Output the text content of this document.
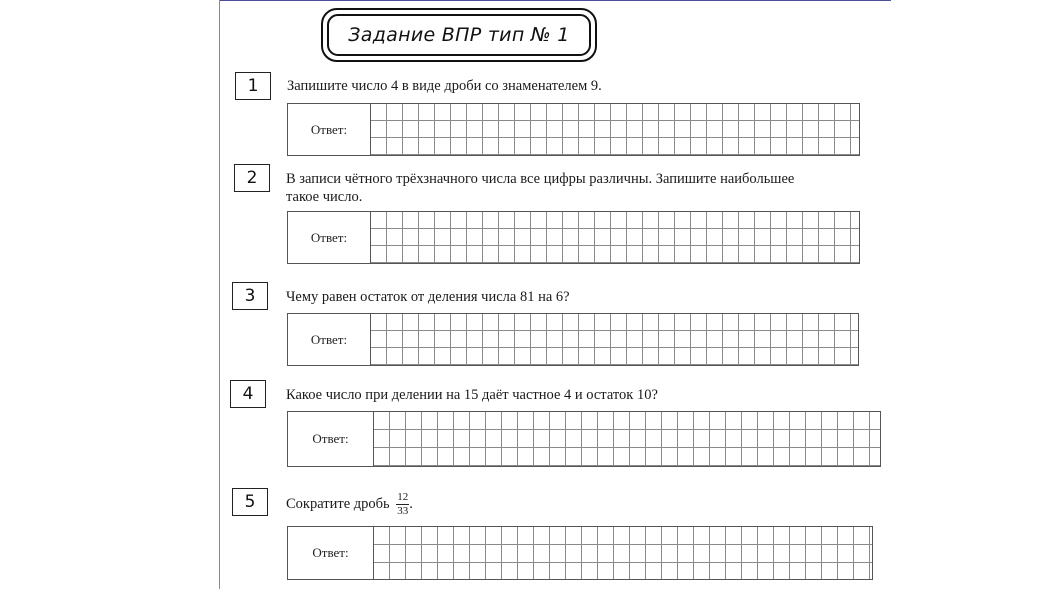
Задание ВПР тип № 1
1	Запишите число 4 в виде дроби со знаменателем 9.
Ответ:
2	В записи чётного трёхзначного числа все цифры различны. Запишите наибольшее
такое число.
Ответ:
3	Чему равен остаток от деления числа 81 на 6?
Ответ:
4	Какое число при делении на 15 даёт частное 4 и остаток 10?
Ответ:
5	Сократите дробь $\frac{12}{33}$ .
Ответ:
